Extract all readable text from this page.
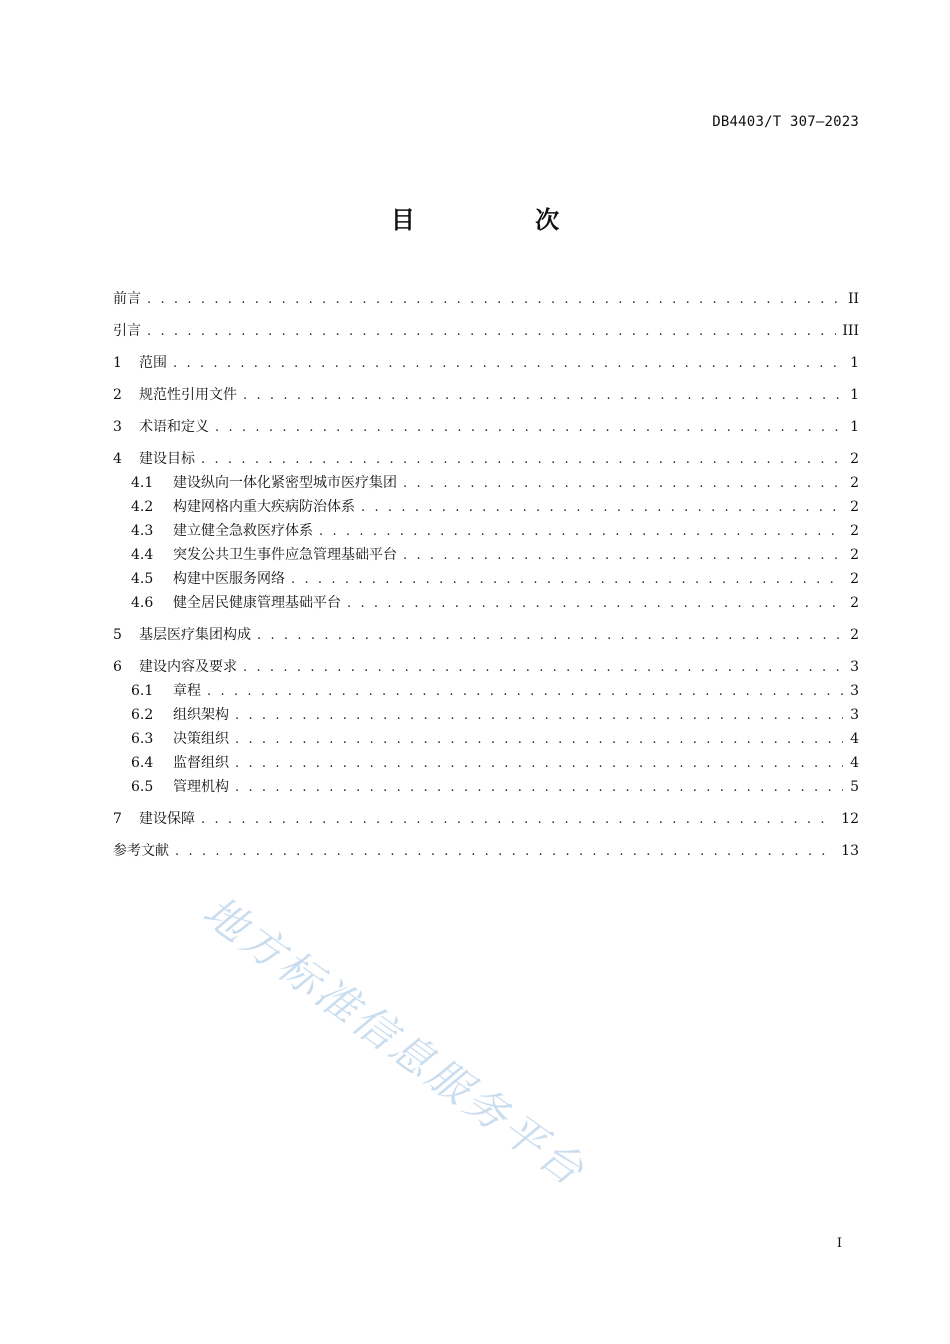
DB4403/T 307—2023
目 次
前言 . . .	II
引言 . . .	III
1	范围 . . .	1
2	规范性引用文件 . . .	1
3	术语和定义 . . .	1
4	建设目标 . . .	2
4.1	建设纵向一体化紧密型城市医疗集团 . . .	2
4.2	构建网格内重大疾病防治体系 . . .	2
4.3	建立健全急救医疗体系 . . .	2
4.4	突发公共卫生事件应急管理基础平台 . . .	2
4.5	构建中医服务网络 . . .	2
4.6	健全居民健康管理基础平台 . . .	2
5	基层医疗集团构成 . . .	2
6	建设内容及要求 . . .	3
6.1	章程 . . .	3
6.2	组织架构 . . .	3
6.3	决策组织 . . .	4
6.4	监督组织 . . .	4
6.5	管理机构 . . .	5
7	建设保障 . . .	12
参考文献 . . .	13
地方标准信息服务平台
I
